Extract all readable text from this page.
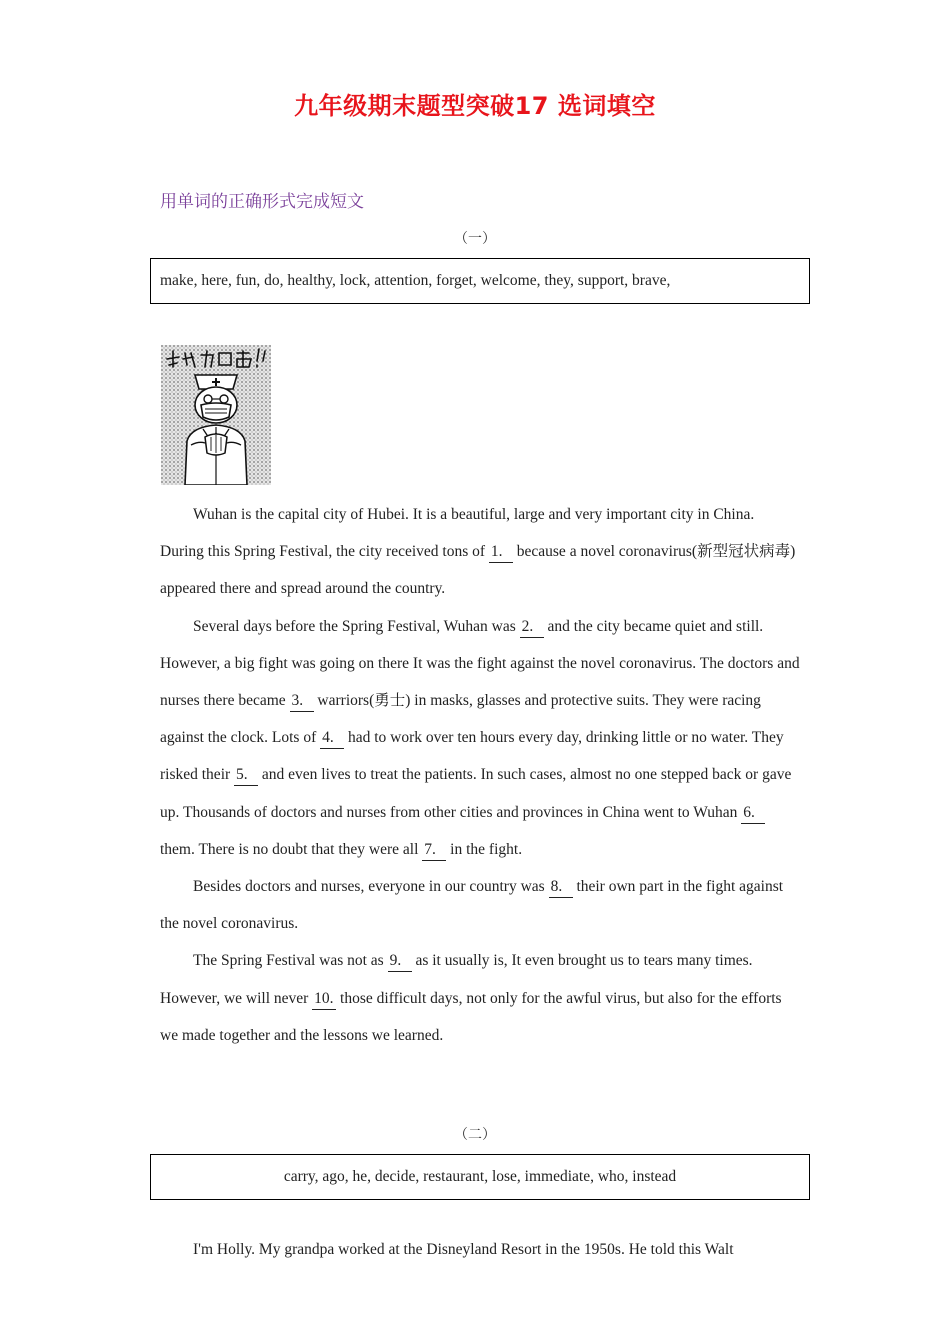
九年级期末题型突破17 选词填空
用单词的正确形式完成短文
（一）
make, here, fun, do, healthy, lock, attention, forget, welcome, they, support, brave,

Wuhan is the capital city of Hubei. It is a beautiful, large and very important city in China. During this Spring Festival, the city received tons of 1. because a novel coronavirus(新型冠状病毒) appeared there and spread around the country.

Several days before the Spring Festival, Wuhan was 2. and the city became quiet and still. However, a big fight was going on there It was the fight against the novel coronavirus. The doctors and nurses there became 3. warriors(勇士) in masks, glasses and protective suits. They were racing against the clock. Lots of 4. had to work over ten hours every day, drinking little or no water. They risked their 5. and even lives to treat the patients. In such cases, almost no one stepped back or gave up. Thousands of doctors and nurses from other cities and provinces in China went to Wuhan 6. them. There is no doubt that they were all 7. in the fight.

Besides doctors and nurses, everyone in our country was 8. their own part in the fight against the novel coronavirus.

The Spring Festival was not as 9. as it usually is, It even brought us to tears many times. However, we will never 10. those difficult days, not only for the awful virus, but also for the efforts we made together and the lessons we learned.

（二）
carry, ago, he, decide, restaurant, lose, immediate, who, instead
I'm Holly. My grandpa worked at the Disneyland Resort in the 1950s. He told this Walt
